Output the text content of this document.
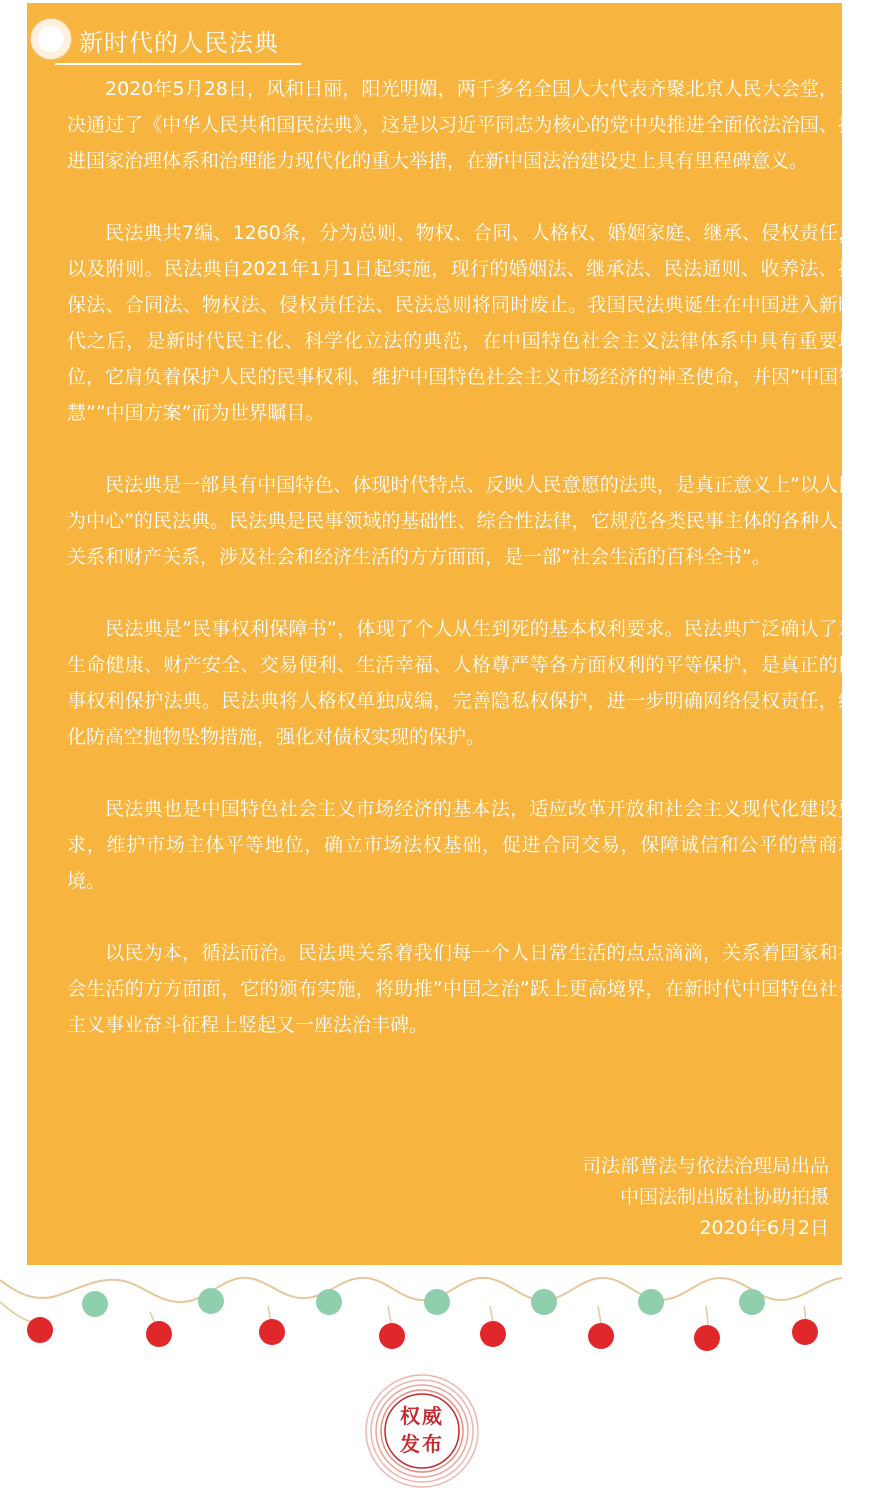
新时代的人民法典

2020年5月28日，风和日丽，阳光明媚，两千多名全国人大代表齐聚北京人民大会堂，表决通过了《中华人民共和国民法典》，这是以习近平同志为核心的党中央推进全面依法治国、推进国家治理体系和治理能力现代化的重大举措，在新中国法治建设史上具有里程碑意义。

民法典共7编、1260条，分为总则、物权、合同、人格权、婚姻家庭、继承、侵权责任，以及附则。民法典自2021年1月1日起实施，现行的婚姻法、继承法、民法通则、收养法、担保法、合同法、物权法、侵权责任法、民法总则将同时废止。我国民法典诞生在中国进入新时代之后，是新时代民主化、科学化立法的典范，在中国特色社会主义法律体系中具有重要地位，它肩负着保护人民的民事权利、维护中国特色社会主义市场经济的神圣使命，并因”中国智慧””中国方案”而为世界瞩目。

民法典是一部具有中国特色、体现时代特点、反映人民意愿的法典，是真正意义上”以人民为中心”的民法典。民法典是民事领域的基础性、综合性法律，它规范各类民事主体的各种人身关系和财产关系，涉及社会和经济生活的方方面面，是一部”社会生活的百科全书”。

民法典是”民事权利保障书”，体现了个人从生到死的基本权利要求。民法典广泛确认了对生命健康、财产安全、交易便利、生活幸福、人格尊严等各方面权利的平等保护，是真正的民事权利保护法典。民法典将人格权单独成编，完善隐私权保护，进一步明确网络侵权责任，细化防高空抛物坠物措施，强化对债权实现的保护。

民法典也是中国特色社会主义市场经济的基本法，适应改革开放和社会主义现代化建设要求，维护市场主体平等地位，确立市场法权基础，促进合同交易，保障诚信和公平的营商环境。

以民为本，循法而治。民法典关系着我们每一个人日常生活的点点滴滴，关系着国家和社会生活的方方面面，它的颁布实施，将助推”中国之治”跃上更高境界，在新时代中国特色社会主义事业奋斗征程上竖起又一座法治丰碑。

司法部普法与依法治理局出品
中国法制出版社协助拍摄
2020年6月2日
权威
发布
